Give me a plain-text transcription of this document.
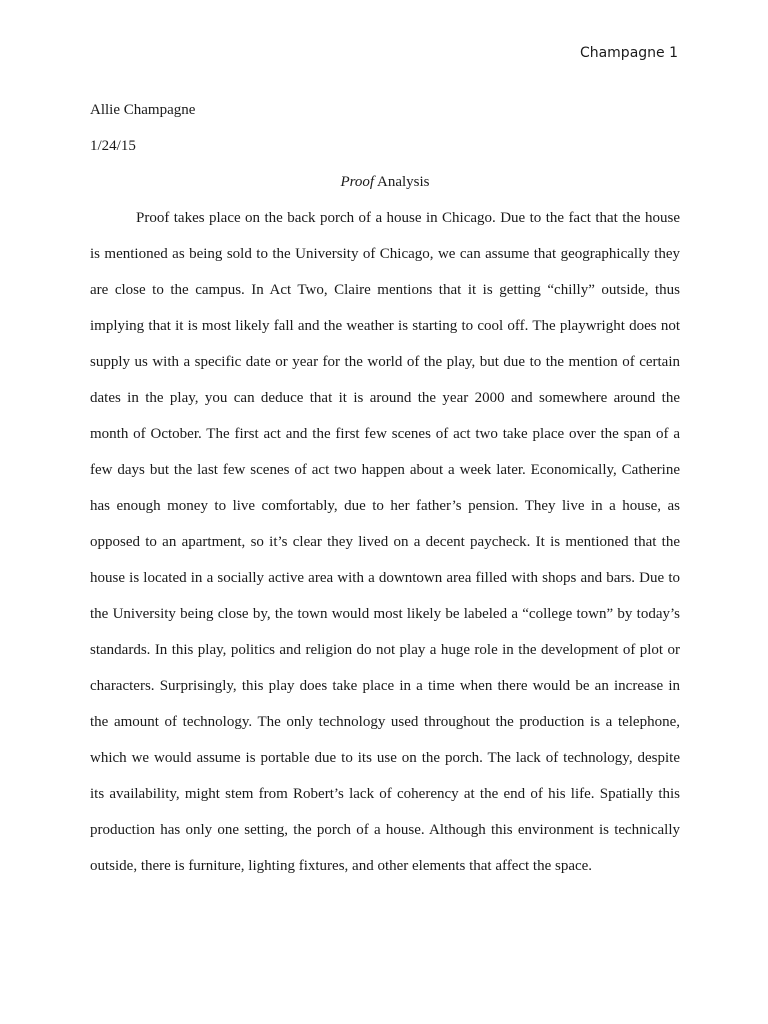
Champagne 1
Allie Champagne
1/24/15
Proof Analysis
Proof takes place on the back porch of a house in Chicago. Due to the fact that the house
is mentioned as being sold to the University of Chicago, we can assume that geographically they
are close to the campus. In Act Two, Claire mentions that it is getting “chilly” outside, thus
implying that it is most likely fall and the weather is starting to cool off. The playwright does not
supply us with a specific date or year for the world of the play, but due to the mention of certain
dates in the play, you can deduce that it is around the year 2000 and somewhere around the
month of October. The first act and the first few scenes of act two take place over the span of a
few days but the last few scenes of act two happen about a week later. Economically, Catherine
has enough money to live comfortably, due to her father’s pension. They live in a house, as
opposed to an apartment, so it’s clear they lived on a decent paycheck. It is mentioned that the
house is located in a socially active area with a downtown area filled with shops and bars. Due to
the University being close by, the town would most likely be labeled a “college town” by today’s
standards. In this play, politics and religion do not play a huge role in the development of plot or
characters. Surprisingly, this play does take place in a time when there would be an increase in
the amount of technology. The only technology used throughout the production is a telephone,
which we would assume is portable due to its use on the porch. The lack of technology, despite
its availability, might stem from Robert’s lack of coherency at the end of his life. Spatially this
production has only one setting, the porch of a house. Although this environment is technically
outside, there is furniture, lighting fixtures, and other elements that affect the space.
